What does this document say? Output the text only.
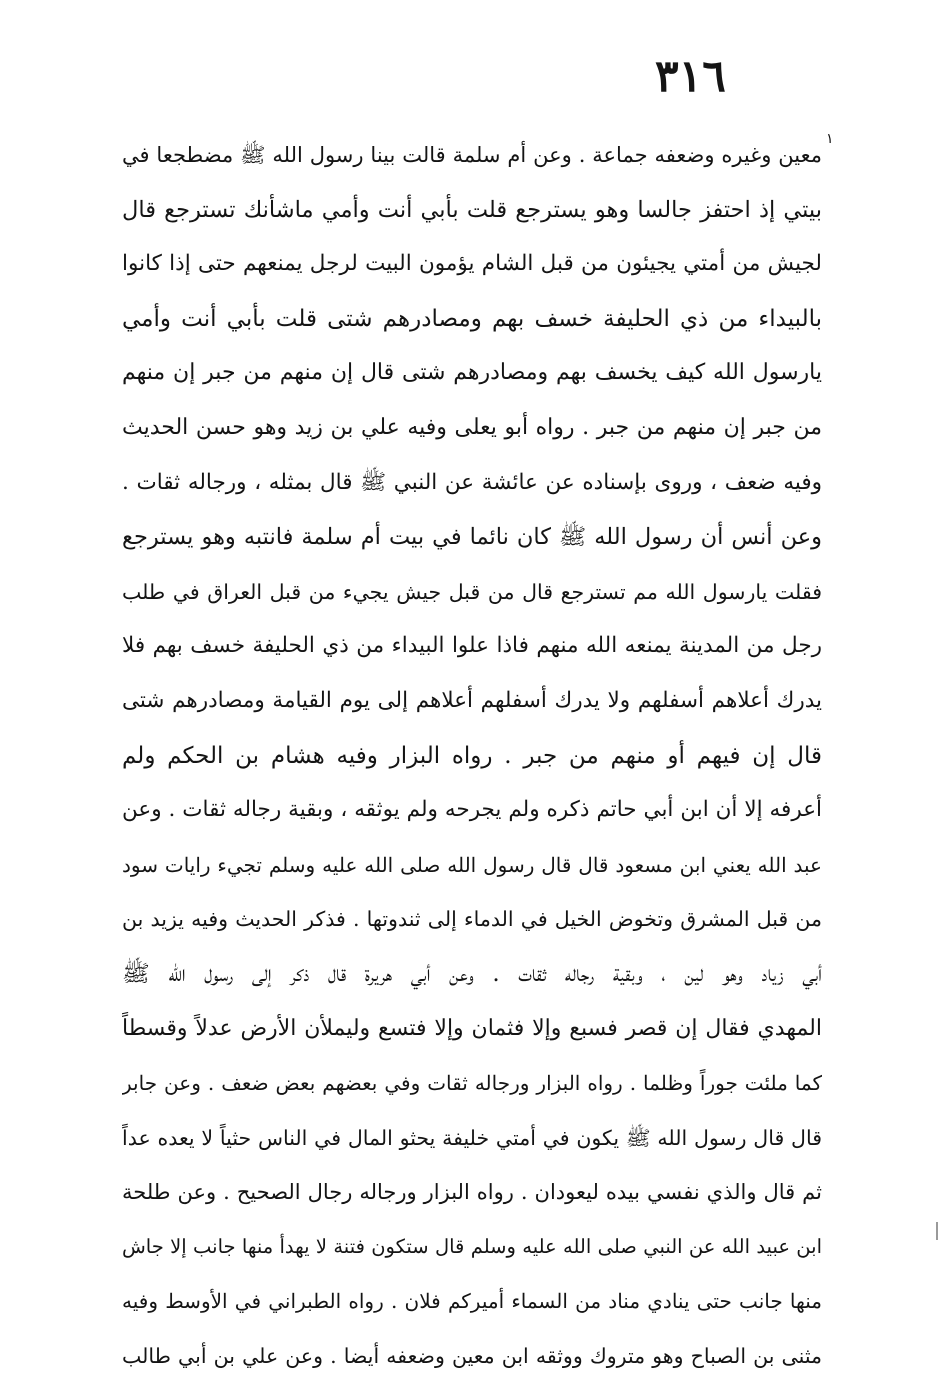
٣١٦
١
معين وغيره وضعفه جماعة . وعن أم سلمة قالت بينا رسول الله ﷺ مضطجعا في
بيتي إذ احتفز جالسا وهو يسترجع قلت بأبي أنت وأمي ماشأنك تسترجع قال
لجيش من أمتي يجيئون من قبل الشام يؤمون البيت لرجل يمنعهم حتى إذا كانوا
بالبيداء من ذي الحليفة خسف بهم ومصادرهم شتى قلت بأبي أنت وأمي
يارسول الله كيف يخسف بهم ومصادرهم شتى قال إن منهم من جبر إن منهم
من جبر إن منهم من جبر . رواه أبو يعلى وفيه علي بن زيد وهو حسن الحديث
وفيه ضعف ، وروى بإسناده عن عائشة عن النبي ﷺ قال بمثله ، ورجاله ثقات .
وعن أنس أن رسول الله ﷺ كان نائما في بيت أم سلمة فانتبه وهو يسترجع
فقلت يارسول الله مم تسترجع قال من قبل جيش يجيء من قبل العراق في طلب
رجل من المدينة يمنعه الله منهم فاذا علوا البيداء من ذي الحليفة خسف بهم فلا
يدرك أعلاهم أسفلهم ولا يدرك أسفلهم أعلاهم إلى يوم القيامة ومصادرهم شتى
قال إن فيهم أو منهم من جبر . رواه البزار وفيه هشام بن الحكم ولم
أعرفه إلا أن ابن أبي حاتم ذكره ولم يجرحه ولم يوثقه ، وبقية رجاله ثقات . وعن
عبد الله يعني ابن مسعود قال قال رسول الله صلى الله عليه وسلم تجيء رايات سود
من قبل المشرق وتخوض الخيل في الدماء إلى ثندوتها . فذكر الحديث وفيه يزيد بن
أبي زياد وهو لين ، وبقية رجاله ثقات . وعن أبي هريرة قال ذكر إلى رسول الله ﷺ
المهدي فقال إن قصر فسبع وإلا فثمان وإلا فتسع وليملأن الأرض عدلاً وقسطاً
كما ملئت جوراً وظلما . رواه البزار ورجاله ثقات وفي بعضهم بعض ضعف . وعن جابر
قال قال رسول الله ﷺ يكون في أمتي خليفة يحثو المال في الناس حثياً لا يعده عداً
ثم قال والذي نفسي بيده ليعودان . رواه البزار ورجاله رجال الصحيح . وعن طلحة
ابن عبيد الله عن النبي صلى الله عليه وسلم قال ستكون فتنة لا يهدأ منها جانب إلا جاش
منها جانب حتى ينادي مناد من السماء أميركم فلان . رواه الطبراني في الأوسط وفيه
مثنى بن الصباح وهو متروك ووثقه ابن معين وضعفه أيضا . وعن علي بن أبي طالب
